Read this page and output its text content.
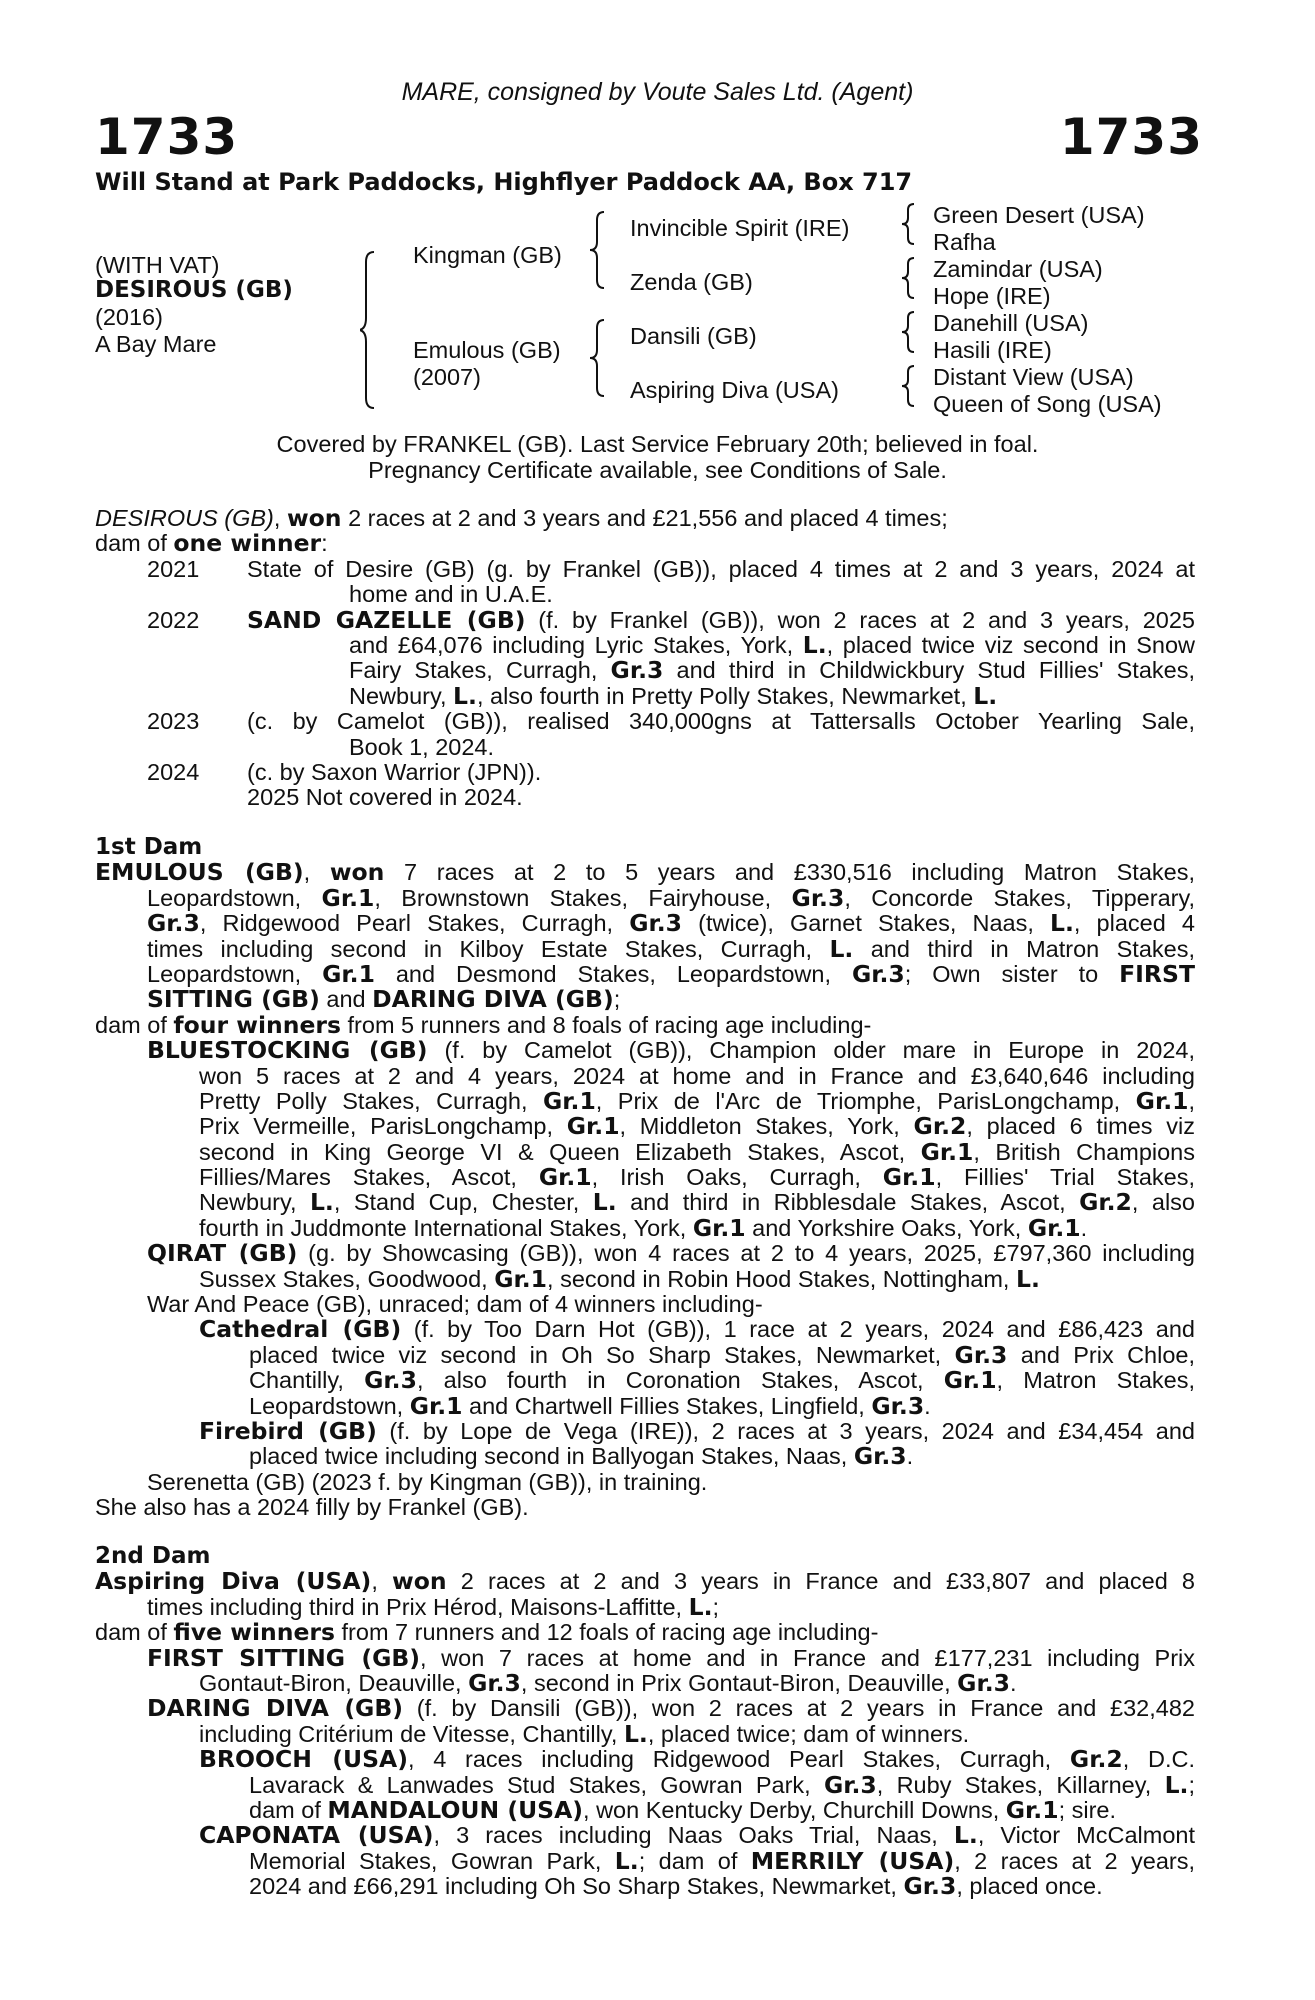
MARE, consigned by Voute Sales Ltd. (Agent)
1733	1733
Will Stand at Park Paddocks, Highflyer Paddock AA, Box 717
(WITH VAT)
DESIROUS (GB)
(2016)
A Bay Mare
Kingman (GB)
Emulous (GB)
(2007)
Invincible Spirit (IRE)
Zenda (GB)
Dansili (GB)
Aspiring Diva (USA)
Green Desert (USA)
Rafha
Zamindar (USA)
Hope (IRE)
Danehill (USA)
Hasili (IRE)
Distant View (USA)
Queen of Song (USA)
Covered by FRANKEL (GB). Last Service February 20th; believed in foal.
Pregnancy Certificate available, see Conditions of Sale.
DESIROUS (GB), won 2 races at 2 and 3 years and £21,556 and placed 4 times;
dam of one winner:
2021 State of Desire (GB) (g. by Frankel (GB)), placed 4 times at 2 and 3 years, 2024 at
home and in U.A.E.
2022 SAND GAZELLE (GB) (f. by Frankel (GB)), won 2 races at 2 and 3 years, 2025
and £64,076 including Lyric Stakes, York, L., placed twice viz second in Snow
Fairy Stakes, Curragh, Gr.3 and third in Childwickbury Stud Fillies' Stakes,
Newbury, L., also fourth in Pretty Polly Stakes, Newmarket, L.
2023 (c. by Camelot (GB)), realised 340,000gns at Tattersalls October Yearling Sale,
Book 1, 2024.
2024 (c. by Saxon Warrior (JPN)).
2025 Not covered in 2024.
1st Dam
EMULOUS (GB), won 7 races at 2 to 5 years and £330,516 including Matron Stakes,
Leopardstown, Gr.1, Brownstown Stakes, Fairyhouse, Gr.3, Concorde Stakes, Tipperary,
Gr.3, Ridgewood Pearl Stakes, Curragh, Gr.3 (twice), Garnet Stakes, Naas, L., placed 4
times including second in Kilboy Estate Stakes, Curragh, L. and third in Matron Stakes,
Leopardstown, Gr.1 and Desmond Stakes, Leopardstown, Gr.3; Own sister to FIRST
SITTING (GB) and DARING DIVA (GB);
dam of four winners from 5 runners and 8 foals of racing age including-
BLUESTOCKING (GB) (f. by Camelot (GB)), Champion older mare in Europe in 2024,
won 5 races at 2 and 4 years, 2024 at home and in France and £3,640,646 including
Pretty Polly Stakes, Curragh, Gr.1, Prix de l'Arc de Triomphe, ParisLongchamp, Gr.1,
Prix Vermeille, ParisLongchamp, Gr.1, Middleton Stakes, York, Gr.2, placed 6 times viz
second in King George VI & Queen Elizabeth Stakes, Ascot, Gr.1, British Champions
Fillies/Mares Stakes, Ascot, Gr.1, Irish Oaks, Curragh, Gr.1, Fillies' Trial Stakes,
Newbury, L., Stand Cup, Chester, L. and third in Ribblesdale Stakes, Ascot, Gr.2, also
fourth in Juddmonte International Stakes, York, Gr.1 and Yorkshire Oaks, York, Gr.1.
QIRAT (GB) (g. by Showcasing (GB)), won 4 races at 2 to 4 years, 2025, £797,360 including
Sussex Stakes, Goodwood, Gr.1, second in Robin Hood Stakes, Nottingham, L.
War And Peace (GB), unraced; dam of 4 winners including-
Cathedral (GB) (f. by Too Darn Hot (GB)), 1 race at 2 years, 2024 and £86,423 and
placed twice viz second in Oh So Sharp Stakes, Newmarket, Gr.3 and Prix Chloe,
Chantilly, Gr.3, also fourth in Coronation Stakes, Ascot, Gr.1, Matron Stakes,
Leopardstown, Gr.1 and Chartwell Fillies Stakes, Lingfield, Gr.3.
Firebird (GB) (f. by Lope de Vega (IRE)), 2 races at 3 years, 2024 and £34,454 and
placed twice including second in Ballyogan Stakes, Naas, Gr.3.
Serenetta (GB) (2023 f. by Kingman (GB)), in training.
She also has a 2024 filly by Frankel (GB).
2nd Dam
Aspiring Diva (USA), won 2 races at 2 and 3 years in France and £33,807 and placed 8
times including third in Prix Hérod, Maisons-Laffitte, L.;
dam of five winners from 7 runners and 12 foals of racing age including-
FIRST SITTING (GB), won 7 races at home and in France and £177,231 including Prix
Gontaut-Biron, Deauville, Gr.3, second in Prix Gontaut-Biron, Deauville, Gr.3.
DARING DIVA (GB) (f. by Dansili (GB)), won 2 races at 2 years in France and £32,482
including Critérium de Vitesse, Chantilly, L., placed twice; dam of winners.
BROOCH (USA), 4 races including Ridgewood Pearl Stakes, Curragh, Gr.2, D.C.
Lavarack & Lanwades Stud Stakes, Gowran Park, Gr.3, Ruby Stakes, Killarney, L.;
dam of MANDALOUN (USA), won Kentucky Derby, Churchill Downs, Gr.1; sire.
CAPONATA (USA), 3 races including Naas Oaks Trial, Naas, L., Victor McCalmont
Memorial Stakes, Gowran Park, L.; dam of MERRILY (USA), 2 races at 2 years,
2024 and £66,291 including Oh So Sharp Stakes, Newmarket, Gr.3, placed once.
